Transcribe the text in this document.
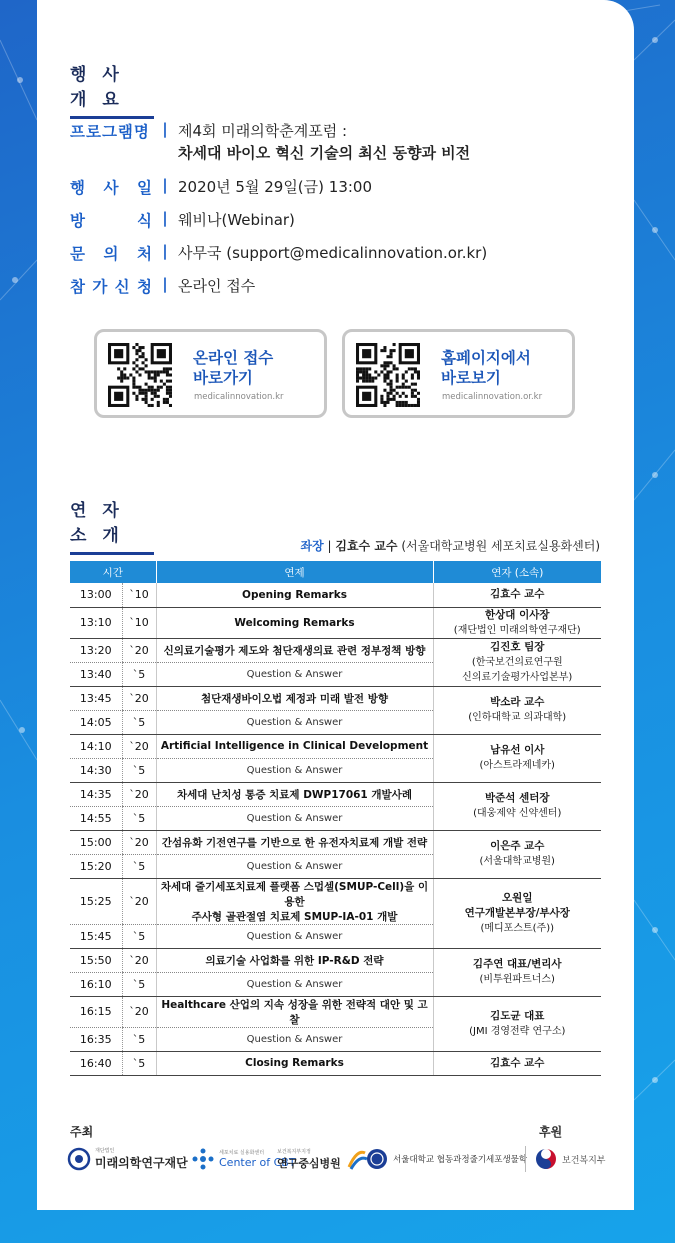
행 사 개 요
프로그램명 | 제4회 미래의학춘계포럼 :
차세대 바이오 혁신 기술의 최신 동향과 비전
행 사 일 | 2020년 5월 29일(금) 13:00
방	식 | 웨비나(Webinar)
문 의 처 | 사무국 (support@medicalinnovation.or.kr)
참 가 신 청 | 온라인 접수
온라인 접수
바로가기
medicalinnovation.kr
홈페이지에서
바로보기
medicalinnovation.or.kr
연 자 소 개	좌장 | 김효수 교수 (서울대학교병원 세포치료실용화센터)
시간		연제	연자 (소속)
13:00	`10	Opening Remarks	김효수 교수
13:10	`10	Welcoming Remarks	한상대 이사장
(재단법인 미래의학연구재단)
13:20	`20	신의료기술평가 제도와 첨단재생의료 관련 정부정책 방향	김진호 팀장
(한국보건의료연구원
신의료기술평가사업본부)
13:40	`5	Question & Answer	
13:45	`20	첨단재생바이오법 제정과 미래 발전 방향	박소라 교수
(인하대학교 의과대학)
14:05	`5	Question & Answer	
14:10	`20	Artificial Intelligence in Clinical Development	남유선 이사
(아스트라제네카)
14:30	`5	Question & Answer	
14:35	`20	차세대 난치성 통증 치료제 DWP17061 개발사례	박준석 센터장
(대웅제약 신약센터)
14:55	`5	Question & Answer	
15:00	`20	간섬유화 기전연구를 기반으로 한 유전자치료제 개발 전략	이은주 교수
(서울대학교병원)
15:20	`5	Question & Answer	
15:25	`20	차세대 줄기세포치료제 플랫폼 스멉셀(SMUP-Cell)을 이용한
주사형 골관절염 치료제 SMUP-IA-01 개발	오원일
연구개발본부장/부사장
(메디포스트(주))
15:45	`5	Question & Answer	
15:50	`20	의료기술 사업화를 위한 IP-R&D 전략	김주연 대표/변리사
(비투윈파트너스)
16:10	`5	Question & Answer	
16:15	`20	Healthcare 산업의 지속 성장을 위한 전략적 대안 및 고찰	김도균 대표
(JMI 경영전략 연구소)
16:35	`5	Question & Answer	
16:40	`5	Closing Remarks	김효수 교수
주최	후원
재단법인
미래의학연구재단
세포치료 실용화센터
Center of CBT
보건복지부지정
연구중심병원	서울대학교 협동과정줄기세포생물학	보건복지부
